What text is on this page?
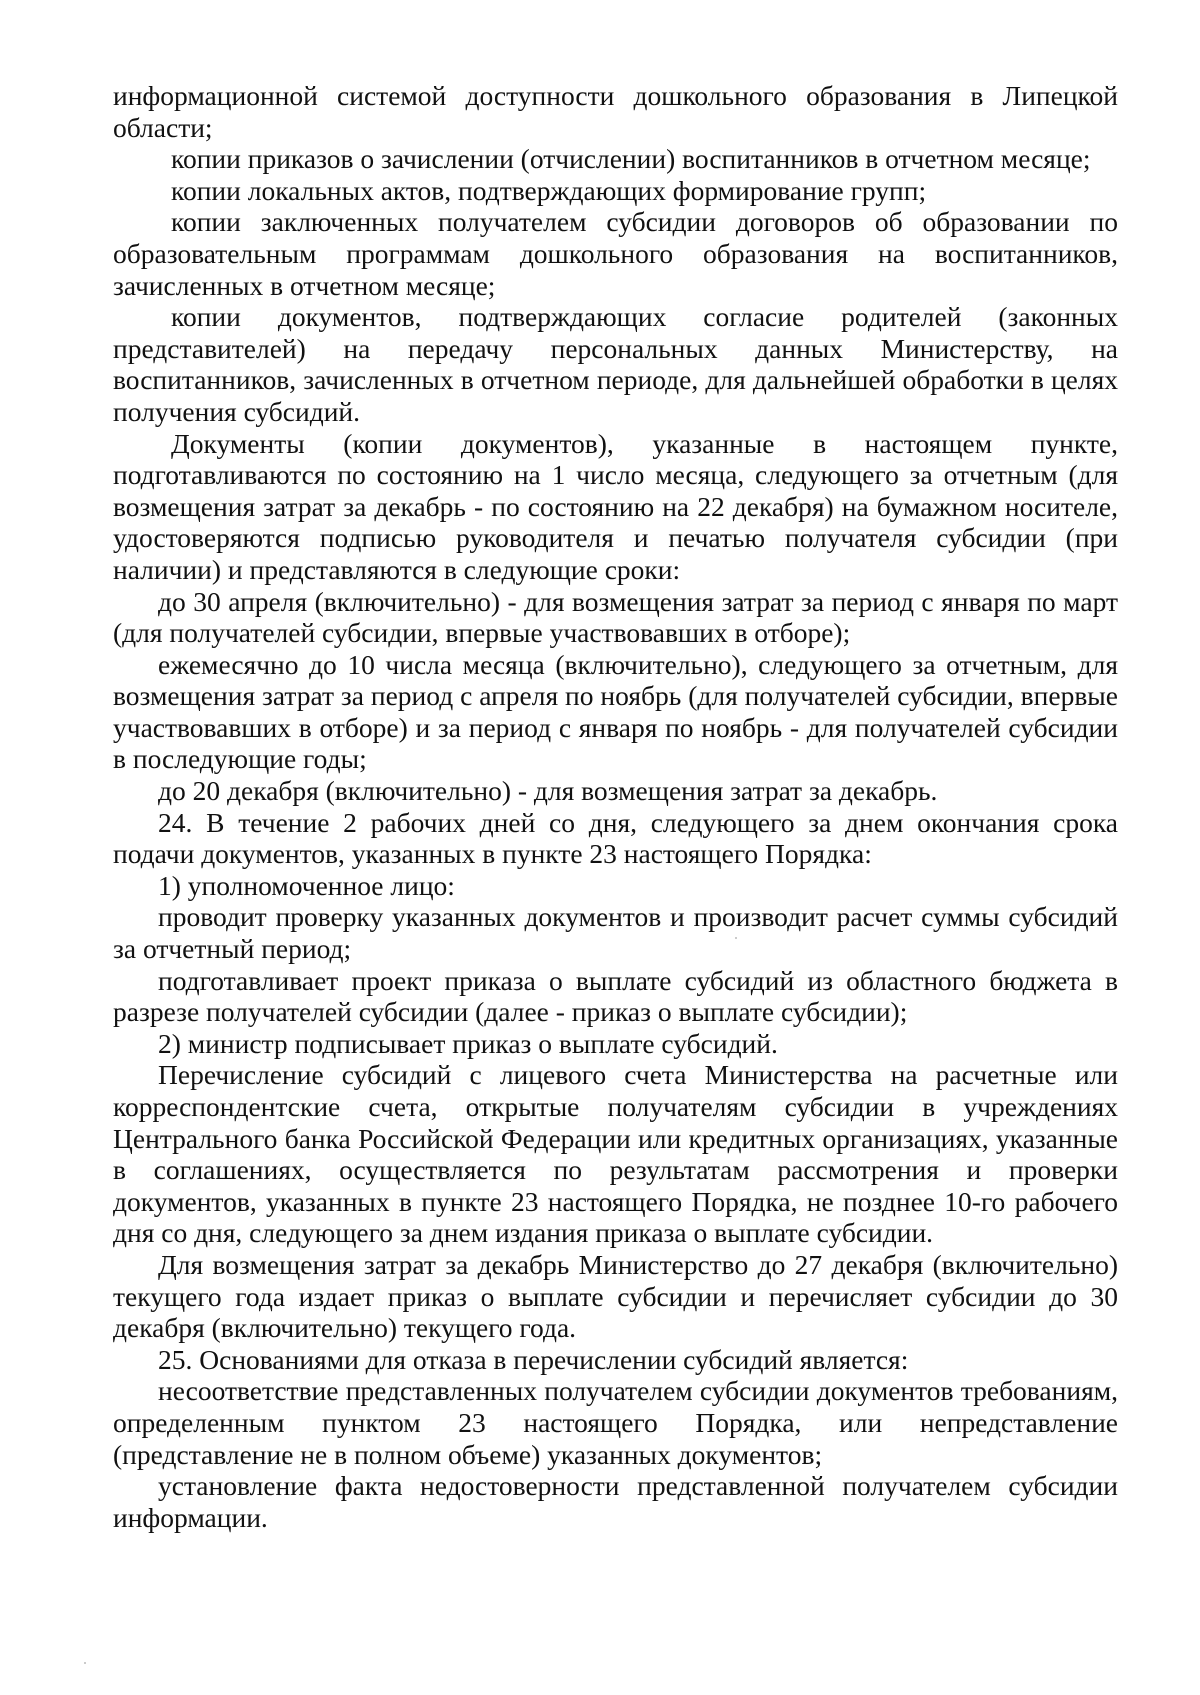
информационной системой доступности дошкольного образования в Липецкой области;

копии приказов о зачислении (отчислении) воспитанников в отчетном месяце;

копии локальных актов, подтверждающих формирование групп;

копии заключенных получателем субсидии договоров об образовании по образовательным программам дошкольного образования на воспитанников, зачисленных в отчетном месяце;

копии документов, подтверждающих согласие родителей (законных представителей) на передачу персональных данных Министерству, на воспитанников, зачисленных в отчетном периоде, для дальнейшей обработки в целях получения субсидий.

Документы (копии документов), указанные в настоящем пункте, подготавливаются по состоянию на 1 число месяца, следующего за отчетным (для возмещения затрат за декабрь - по состоянию на 22 декабря) на бумажном носителе, удостоверяются подписью руководителя и печатью получателя субсидии (при наличии) и представляются в следующие сроки:

до 30 апреля (включительно) - для возмещения затрат за период с января по март (для получателей субсидии, впервые участвовавших в отборе);

ежемесячно до 10 числа месяца (включительно), следующего за отчетным, для возмещения затрат за период с апреля по ноябрь (для получателей субсидии, впервые участвовавших в отборе) и за период с января по ноябрь - для получателей субсидии в последующие годы;

до 20 декабря (включительно) - для возмещения затрат за декабрь.

24. В течение 2 рабочих дней со дня, следующего за днем окончания срока подачи документов, указанных в пункте 23 настоящего Порядка:

1) уполномоченное лицо:

проводит проверку указанных документов и производит расчет суммы субсидий за отчетный период;

подготавливает проект приказа о выплате субсидий из областного бюджета в разрезе получателей субсидии (далее - приказ о выплате субсидии);

2) министр подписывает приказ о выплате субсидий.

Перечисление субсидий с лицевого счета Министерства на расчетные или корреспондентские счета, открытые получателям субсидии в учреждениях Центрального банка Российской Федерации или кредитных организациях, указанные в соглашениях, осуществляется по результатам рассмотрения и проверки документов, указанных в пункте 23 настоящего Порядка, не позднее 10-го рабочего дня со дня, следующего за днем издания приказа о выплате субсидии.

Для возмещения затрат за декабрь Министерство до 27 декабря (включительно) текущего года издает приказ о выплате субсидии и перечисляет субсидии до 30 декабря (включительно) текущего года.

25. Основаниями для отказа в перечислении субсидий является:

несоответствие представленных получателем субсидии документов требованиям, определенным пунктом 23 настоящего Порядка, или непредставление (представление не в полном объеме) указанных документов;

установление факта недостоверности представленной получателем субсидии информации.
